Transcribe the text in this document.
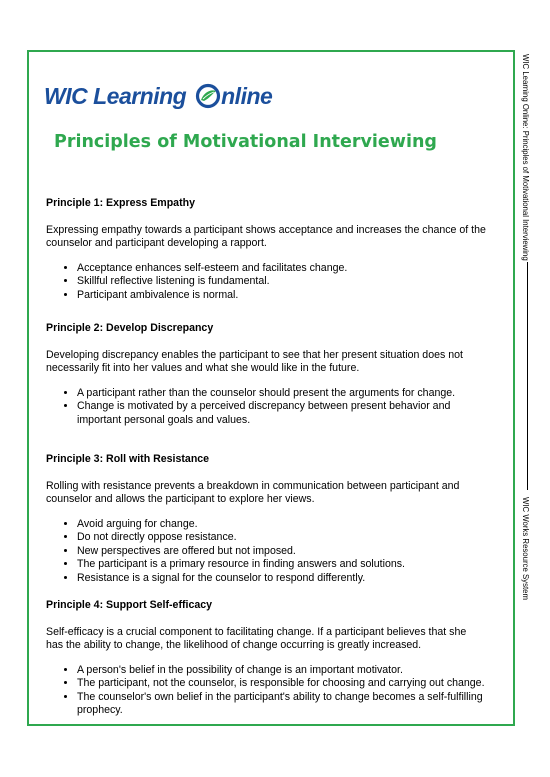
WIC Learning nline
Principles of Motivational Interviewing
Principle 1: Express Empathy
Expressing empathy towards a participant shows acceptance and increases the chance of the counselor and participant developing a rapport.
• Acceptance enhances self-esteem and facilitates change.
• Skillful reflective listening is fundamental.
• Participant ambivalence is normal.
Principle 2: Develop Discrepancy
Developing discrepancy enables the participant to see that her present situation does not necessarily fit into her values and what she would like in the future.
• A participant rather than the counselor should present the arguments for change.
• Change is motivated by a perceived discrepancy between present behavior and important personal goals and values.
Principle 3: Roll with Resistance
Rolling with resistance prevents a breakdown in communication between participant and counselor and allows the participant to explore her views.
• Avoid arguing for change.
• Do not directly oppose resistance.
• New perspectives are offered but not imposed.
• The participant is a primary resource in finding answers and solutions.
• Resistance is a signal for the counselor to respond differently.
Principle 4: Support Self-efficacy
Self-efficacy is a crucial component to facilitating change. If a participant believes that she has the ability to change, the likelihood of change occurring is greatly increased.
• A person's belief in the possibility of change is an important motivator.
• The participant, not the counselor, is responsible for choosing and carrying out change.
• The counselor's own belief in the participant's ability to change becomes a self-fulfilling prophecy.
WIC Learning Online: Principles of Motivational Interviewing
WIC Works Resource System
